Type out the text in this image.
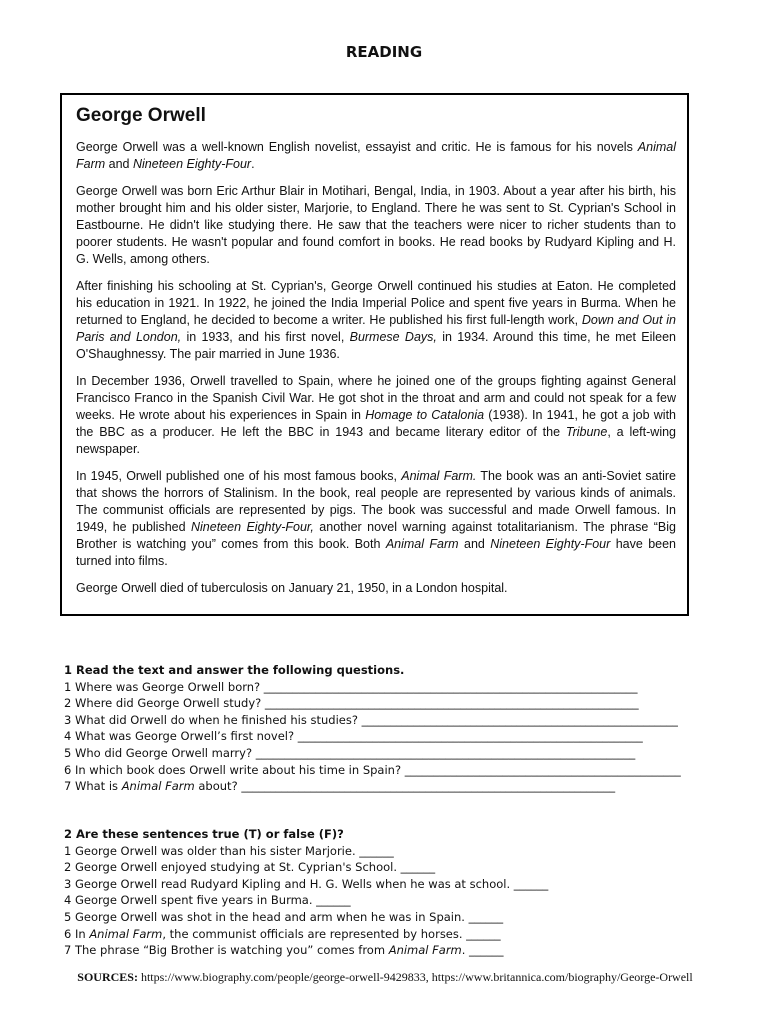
READING
George Orwell

George Orwell was a well-known English novelist, essayist and critic. He is famous for his novels Animal Farm and Nineteen Eighty-Four.

George Orwell was born Eric Arthur Blair in Motihari, Bengal, India, in 1903. About a year after his birth, his mother brought him and his older sister, Marjorie, to England. There he was sent to St. Cyprian's School in Eastbourne. He didn't like studying there. He saw that the teachers were nicer to richer students than to poorer students. He wasn't popular and found comfort in books. He read books by Rudyard Kipling and H. G. Wells, among others.

After finishing his schooling at St. Cyprian's, George Orwell continued his studies at Eaton. He completed his education in 1921. In 1922, he joined the India Imperial Police and spent five years in Burma. When he returned to England, he decided to become a writer. He published his first full-length work, Down and Out in Paris and London, in 1933, and his first novel, Burmese Days, in 1934. Around this time, he met Eileen O'Shaughnessy. The pair married in June 1936.

In December 1936, Orwell travelled to Spain, where he joined one of the groups fighting against General Francisco Franco in the Spanish Civil War. He got shot in the throat and arm and could not speak for a few weeks. He wrote about his experiences in Spain in Homage to Catalonia (1938). In 1941, he got a job with the BBC as a producer. He left the BBC in 1943 and became literary editor of the Tribune, a left-wing newspaper.

In 1945, Orwell published one of his most famous books, Animal Farm. The book was an anti-Soviet satire that shows the horrors of Stalinism. In the book, real people are represented by various kinds of animals. The communist officials are represented by pigs. The book was successful and made Orwell famous. In 1949, he published Nineteen Eighty-Four, another novel warning against totalitarianism. The phrase “Big Brother is watching you” comes from this book. Both Animal Farm and Nineteen Eighty-Four have been turned into films.

George Orwell died of tuberculosis on January 21, 1950, in a London hospital.

1 Read the text and answer the following questions.
1 Where was George Orwell born? _________________________________________________________________
2 Where did George Orwell study? _________________________________________________________________
3 What did Orwell do when he finished his studies? _______________________________________________________
4 What was George Orwell’s first novel? ____________________________________________________________
5 Who did George Orwell marry? __________________________________________________________________
6 In which book does Orwell write about his time in Spain? ________________________________________________
7 What is Animal Farm about? _________________________________________________________________
2 Are these sentences true (T) or false (F)?
1 George Orwell was older than his sister Marjorie. ______
2 George Orwell enjoyed studying at St. Cyprian's School. ______
3 George Orwell read Rudyard Kipling and H. G. Wells when he was at school. ______
4 George Orwell spent five years in Burma. ______
5 George Orwell was shot in the head and arm when he was in Spain. ______
6 In Animal Farm, the communist officials are represented by horses. ______
7 The phrase “Big Brother is watching you” comes from Animal Farm. ______
SOURCES: https://www.biography.com/people/george-orwell-9429833, https://www.britannica.com/biography/George-Orwell
